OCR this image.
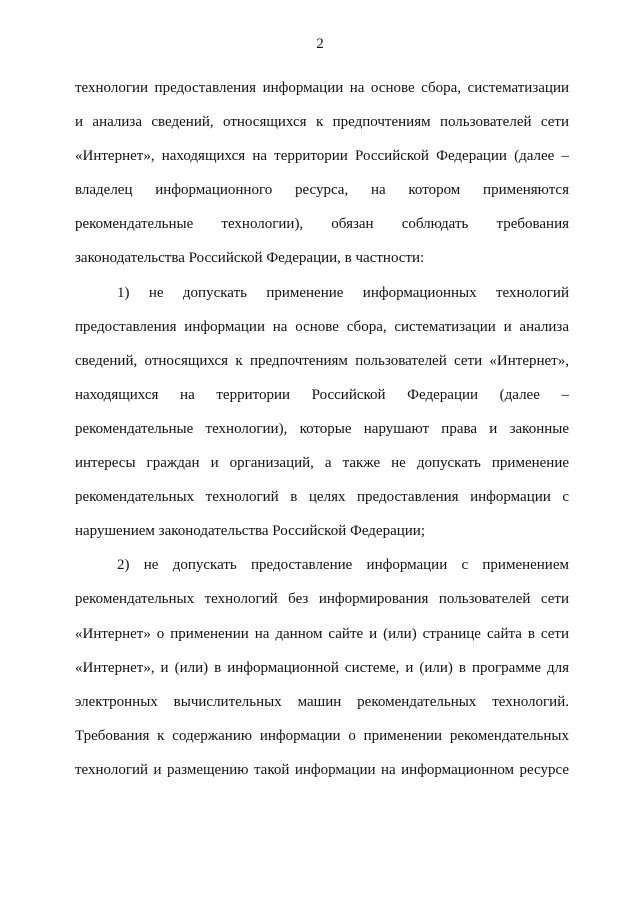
2
технологии предоставления информации на основе сбора, систематизации
и анализа сведений, относящихся к предпочтениям пользователей сети
«Интернет», находящихся на территории Российской Федерации (далее –
владелец информационного ресурса, на котором применяются
рекомендательные технологии), обязан соблюдать требования
законодательства Российской Федерации, в частности:
1) не допускать применение информационных технологий
предоставления информации на основе сбора, систематизации и анализа
сведений, относящихся к предпочтениям пользователей сети «Интернет»,
находящихся на территории Российской Федерации (далее –
рекомендательные технологии), которые нарушают права и законные
интересы граждан и организаций, а также не допускать применение
рекомендательных технологий в целях предоставления информации с
нарушением законодательства Российской Федерации;
2) не допускать предоставление информации с применением
рекомендательных технологий без информирования пользователей сети
«Интернет» о применении на данном сайте и (или) странице сайта в сети
«Интернет», и (или) в информационной системе, и (или) в программе для
электронных вычислительных машин рекомендательных технологий.
Требования к содержанию информации о применении рекомендательных
технологий и размещению такой информации на информационном ресурсе
